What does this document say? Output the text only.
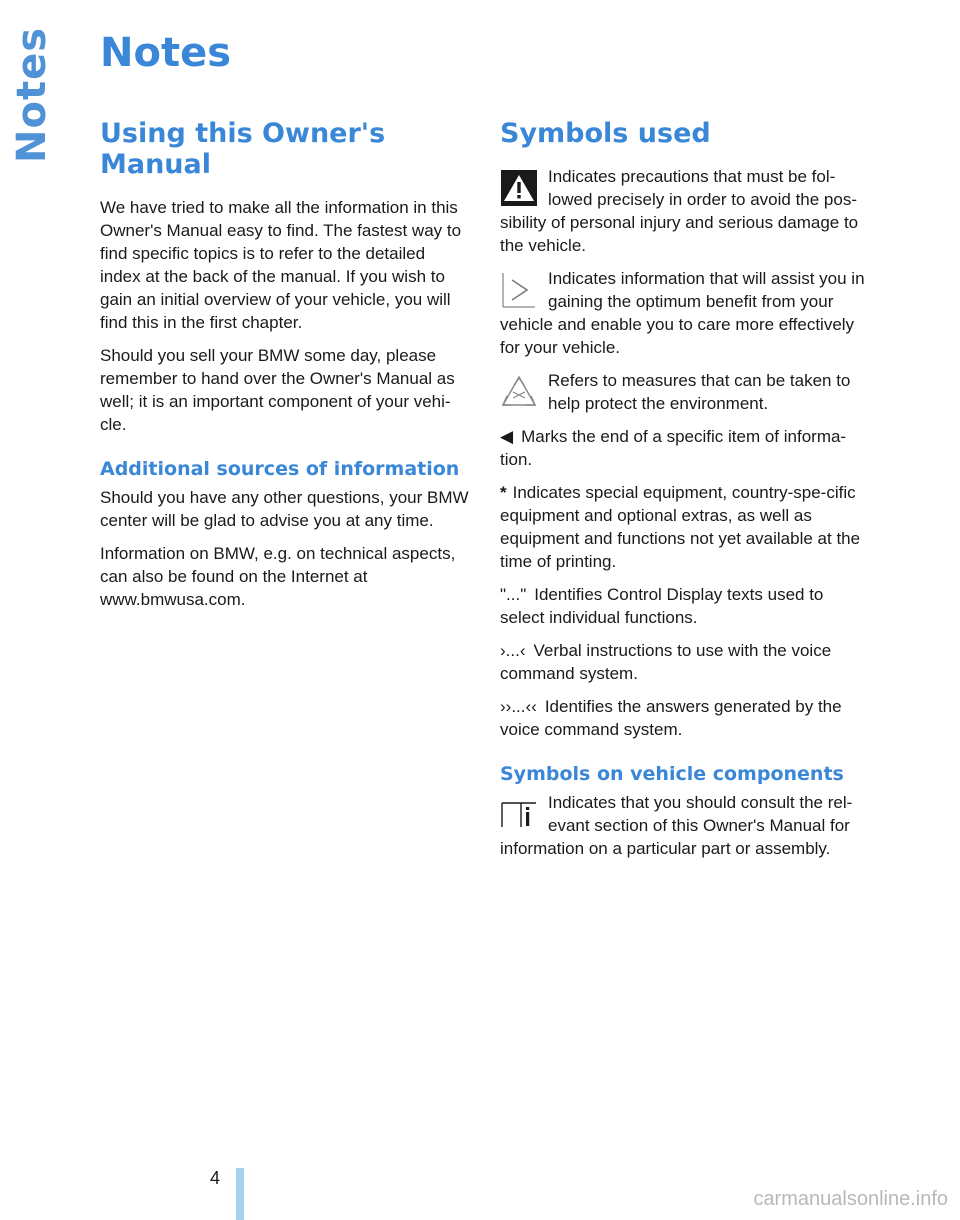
Notes Notes
Using this Owner's Manual

We have tried to make all the information in this Owner's Manual easy to find. The fastest way to find specific topics is to refer to the detailed index at the back of the manual. If you wish to gain an initial overview of your vehicle, you will find this in the first chapter.

Should you sell your BMW some day, please remember to hand over the Owner's Manual as well; it is an important component of your vehi-cle.

Additional sources of information

Should you have any other questions, your BMW center will be glad to advise you at any time.

Information on BMW, e.g. on technical aspects, can also be found on the Internet at www.bmwusa.com.

Symbols used

Indicates precautions that must be fol-lowed precisely in order to avoid the pos-sibility of personal injury and serious damage to the vehicle.

Indicates information that will assist you in gaining the optimum benefit from your vehicle and enable you to care more effectively for your vehicle.

Refers to measures that can be taken to help protect the environment.

◀ Marks the end of a specific item of informa-tion.

* Indicates special equipment, country-spe-cific equipment and optional extras, as well as equipment and functions not yet available at the time of printing.

"..." Identifies Control Display texts used to select individual functions.

›...‹ Verbal instructions to use with the voice command system.

››...‹‹ Identifies the answers generated by the voice command system.

Symbols on vehicle components

Indicates that you should consult the rel-evant section of this Owner's Manual for information on a particular part or assembly.

4
carmanualsonline.info
